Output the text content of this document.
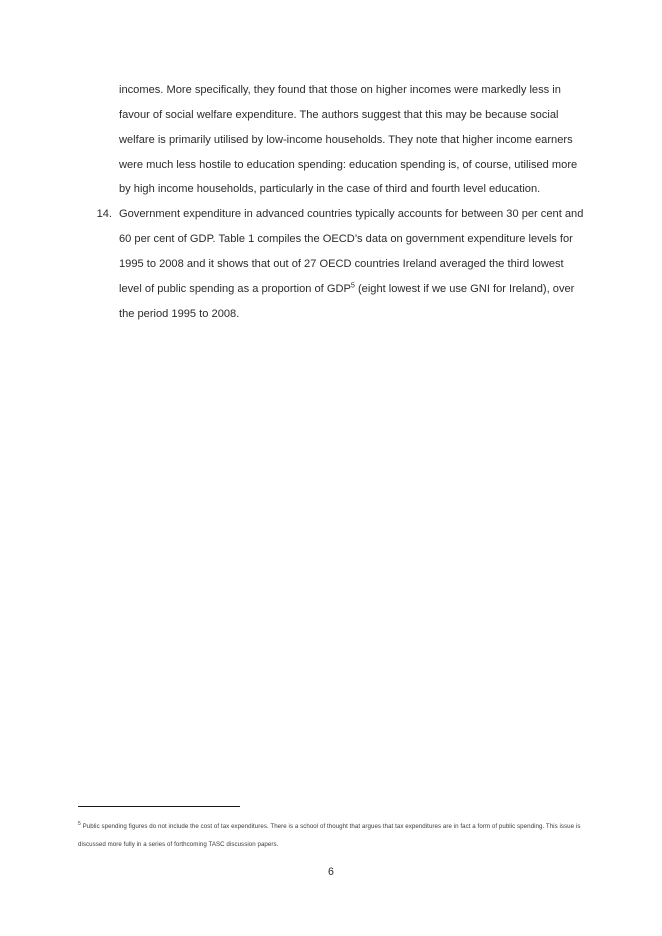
incomes. More specifically, they found that those on higher incomes were markedly less in favour of social welfare expenditure. The authors suggest that this may be because social welfare is primarily utilised by low-income households. They note that higher income earners were much less hostile to education spending: education spending is, of course, utilised more by high income households, particularly in the case of third and fourth level education.

14. Government expenditure in advanced countries typically accounts for between 30 per cent and 60 per cent of GDP. Table 1 compiles the OECD’s data on government expenditure levels for 1995 to 2008 and it shows that out of 27 OECD countries Ireland averaged the third lowest level of public spending as a proportion of GDP$^5$ (eight lowest if we use GNI for Ireland), over the period 1995 to 2008.

$^5$ Public spending figures do not include the cost of tax expenditures. There is a school of thought that argues that tax expenditures are in fact a form of public spending. This issue is discussed more fully in a series of forthcoming TASC discussion papers.

6
